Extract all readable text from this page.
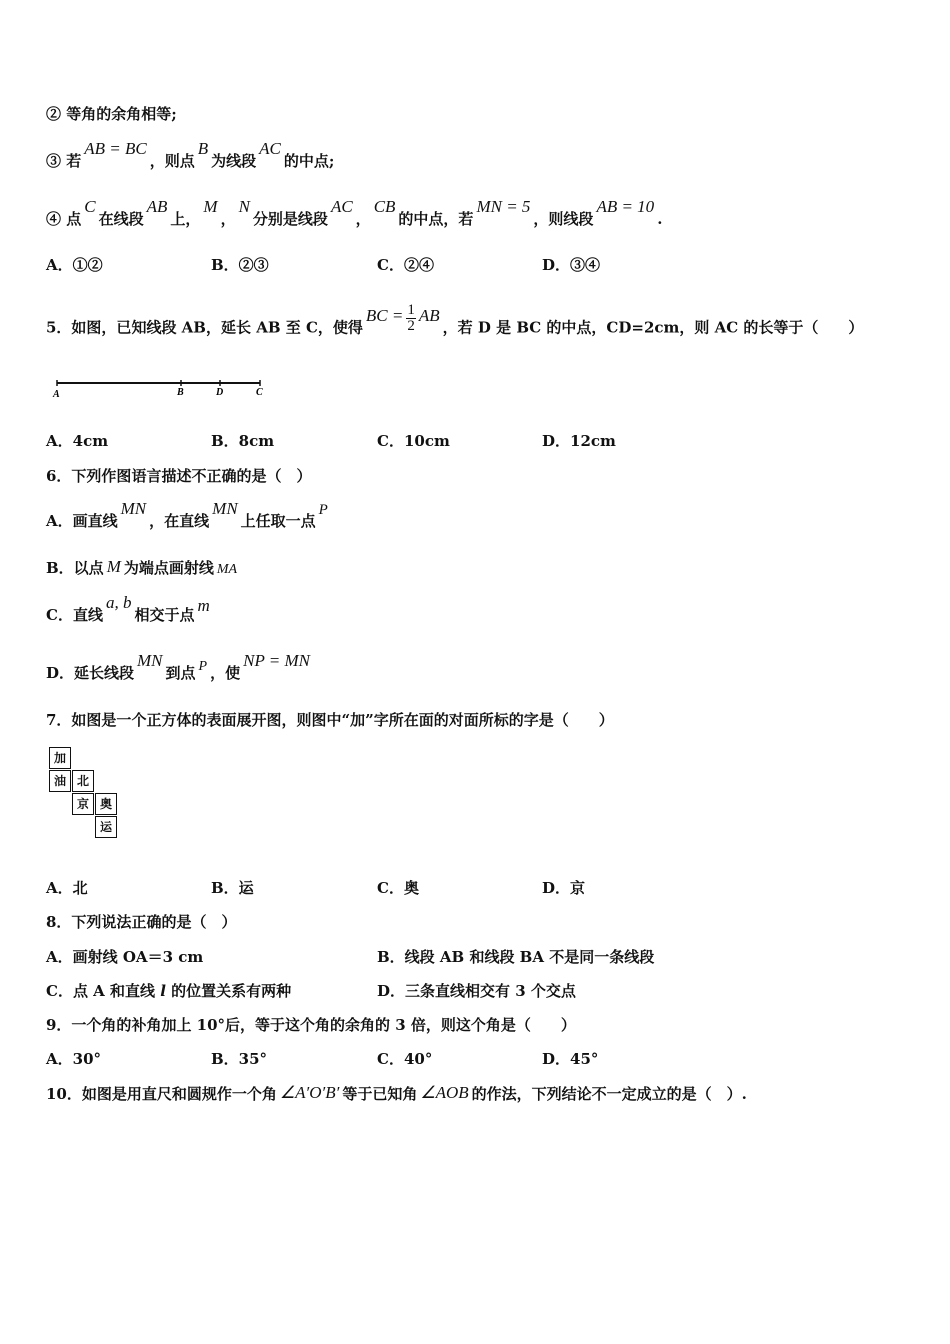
② 等角的余角相等;
③ 若AB = BC，则点B为线段AC的中点;
④ 点C在线段AB上，M，N分别是线段AC，CB的中点，若MN = 5，则线段AB = 10.
A．①②	B．②③	C．②④	D．③④
5．如图，已知线段 AB，延长 AB 至 C，使得BC = $\frac{1}{2}$ AB，若 D 是 BC 的中点，CD=2cm，则 AC 的长等于（　　）
A	B	D	C
A．4cm	B．8cm	C．10cm	D．12cm
6．下列作图语言描述不正确的是（　）
A．画直线MN，在直线MN上任取一点P
B．以点 M 为端点画射线 MA
C．直线a, b相交于点 m
D．延长线段MN到点 P ，使NP = MN
7．如图是一个正方体的表面展开图，则图中“加”字所在面的对面所标的字是（　　）
加
油 北
京 奥
运
A．北	B．运	C．奥	D．京
8．下列说法正确的是（　）
A．画射线 OA＝3 cm	B．线段 AB 和线段 BA 不是同一条线段
C．点 A 和直线 l 的位置关系有两种	D．三条直线相交有 3 个交点
9．一个角的补角加上 10°后，等于这个角的余角的 3 倍，则这个角是（　　）
A．30°	B．35°	C．40°	D．45°
10．如图是用直尺和圆规作一个角 ∠A′O′B′ 等于已知角 ∠AOB 的作法，下列结论不一定成立的是（　）.
